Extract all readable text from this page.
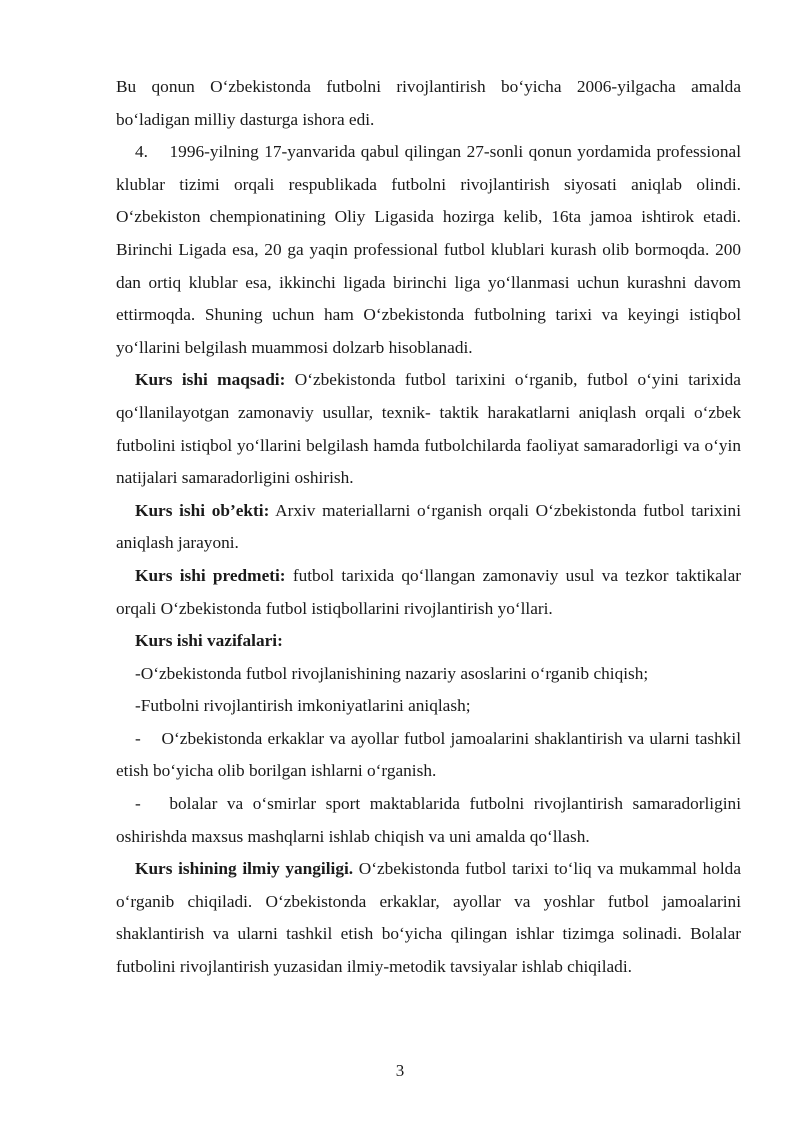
Bu qonun O‘zbekistonda futbolni rivojlantirish bo‘yicha 2006-yilgacha amalda bo‘ladigan milliy dasturga ishora edi.

4.    1996-yilning 17-yanvarida qabul qilingan 27-sonli qonun yordamida professional klublar tizimi orqali respublikada futbolni rivojlantirish siyosati aniqlab olindi. O‘zbekiston chempionatining Oliy Ligasida hozirga kelib, 16ta jamoa ishtirok etadi. Birinchi Ligada esa, 20 ga yaqin professional futbol klublari kurash olib bormoqda. 200 dan ortiq klublar esa, ikkinchi ligada birinchi liga yo‘llanmasi uchun kurashni davom ettirmoqda. Shuning uchun ham O‘zbekistonda futbolning tarixi va keyingi istiqbol yo‘llarini belgilash muammosi dolzarb hisoblanadi.

Kurs ishi maqsadi: O‘zbekistonda futbol tarixini o‘rganib, futbol o‘yini tarixida qo‘llanilayotgan zamonaviy usullar, texnik- taktik harakatlarni aniqlash orqali o‘zbek futbolini istiqbol yo‘llarini belgilash hamda futbolchilarda faoliyat samaradorligi va o‘yin natijalari samaradorligini oshirish.

Kurs ishi ob’ekti: Arxiv materiallarni o‘rganish orqali O‘zbekistonda futbol tarixini aniqlash jarayoni.

Kurs ishi predmeti: futbol tarixida qo‘llangan zamonaviy usul va tezkor taktikalar orqali O‘zbekistonda futbol istiqbollarini rivojlantirish yo‘llari.

Kurs ishi vazifalari:

-O‘zbekistonda futbol rivojlanishining nazariy asoslarini o‘rganib chiqish;

-Futbolni rivojlantirish imkoniyatlarini aniqlash;

-    O‘zbekistonda erkaklar va ayollar futbol jamoalarini shaklantirish va ularni tashkil etish bo‘yicha olib borilgan ishlarni o‘rganish.

-   bolalar va o‘smirlar sport maktablarida futbolni rivojlantirish samaradorligini oshirishda maxsus mashqlarni ishlab chiqish va uni amalda qo‘llash.

Kurs ishining ilmiy yangiligi. O‘zbekistonda futbol tarixi to‘liq va mukammal holda o‘rganib chiqiladi. O‘zbekistonda erkaklar, ayollar va yoshlar futbol jamoalarini shaklantirish va ularni tashkil etish bo‘yicha qilingan ishlar tizimga solinadi. Bolalar futbolini rivojlantirish yuzasidan ilmiy-metodik tavsiyalar ishlab chiqiladi.

3
